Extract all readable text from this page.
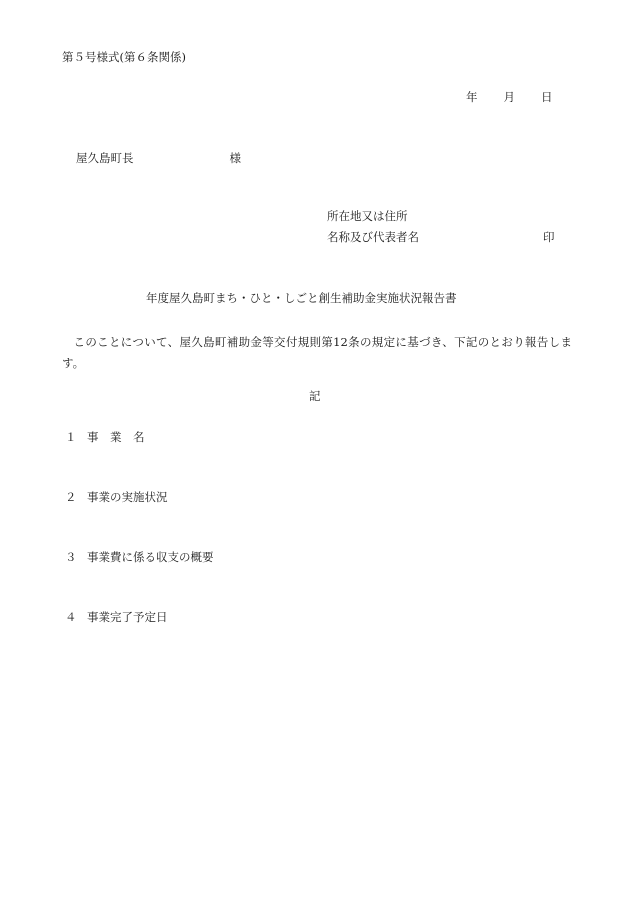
第５号様式(第６条関係)
年 月 日
屋久島町長	様
所在地又は住所
名称及び代表者名	印
年度屋久島町まち・ひと・しごと創生補助金実施状況報告書
このことについて、屋久島町補助金等交付規則第12条の規定に基づき、下記のとおり報告します。
記
１ 事　業　名
２ 事業の実施状況
３ 事業費に係る収支の概要
４ 事業完了予定日
